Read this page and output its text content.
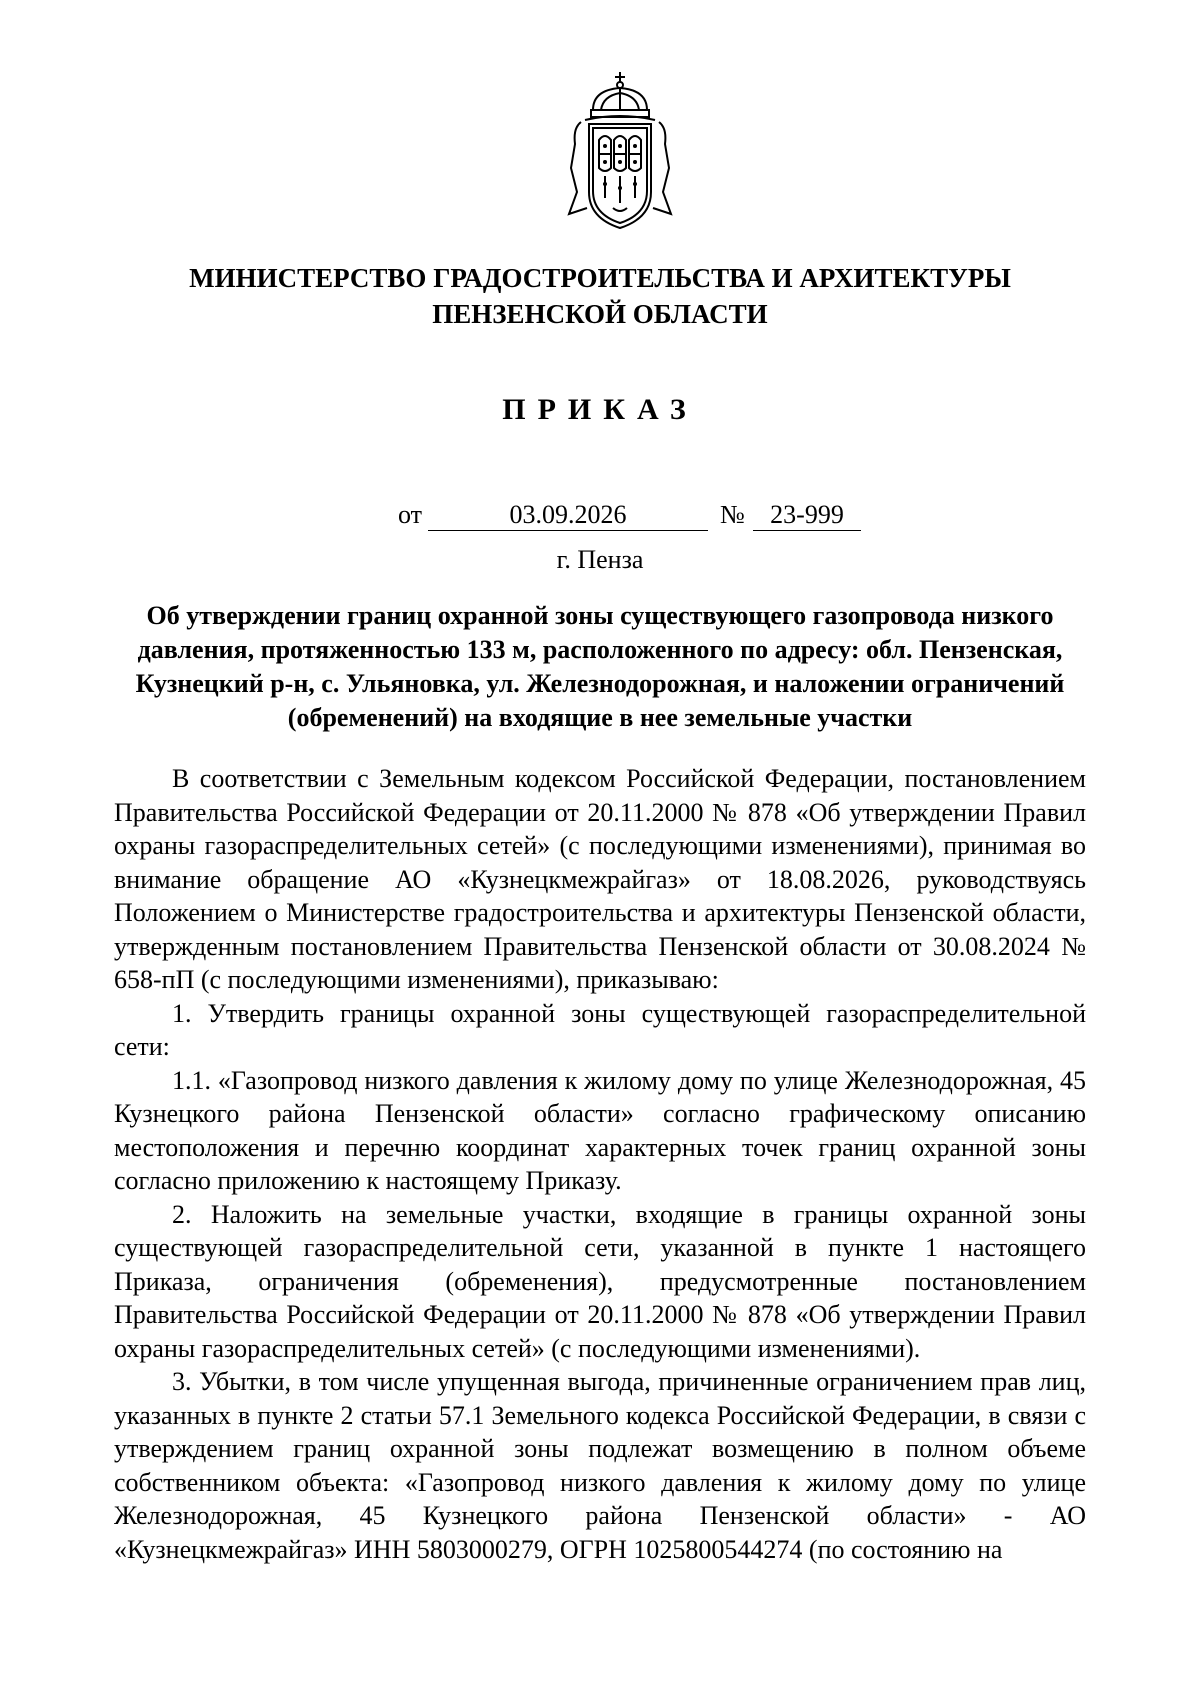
МИНИСТЕРСТВО ГРАДОСТРОИТЕЛЬСТВА И АРХИТЕКТУРЫ
ПЕНЗЕНСКОЙ ОБЛАСТИ
ПРИКАЗ
от	03.09.2026	№ 23-999
г. Пенза
Об утверждении границ охранной зоны существующего газопровода низкого давления, протяженностью 133 м, расположенного по адресу: обл. Пензенская, Кузнецкий р-н, с. Ульяновка, ул. Железнодорожная, и наложении ограничений (обременений) на входящие в нее земельные участки

В соответствии с Земельным кодексом Российской Федерации, постановлением Правительства Российской Федерации от 20.11.2000 № 878 «Об утверждении Правил охраны газораспределительных сетей» (с последующими изменениями), принимая во внимание обращение АО «Кузнецкмежрайгаз» от 18.08.2026, руководствуясь Положением о Министерстве градостроительства и архитектуры Пензенской области, утвержденным постановлением Правительства Пензенской области от 30.08.2024 № 658-пП (с последующими изменениями), приказываю:

1. Утвердить границы охранной зоны существующей газораспределительной сети:

1.1. «Газопровод низкого давления к жилому дому по улице Железнодорожная, 45 Кузнецкого района Пензенской области» согласно графическому описанию местоположения и перечню координат характерных точек границ охранной зоны согласно приложению к настоящему Приказу.

2. Наложить на земельные участки, входящие в границы охранной зоны существующей газораспределительной сети, указанной в пункте 1 настоящего Приказа, ограничения (обременения), предусмотренные постановлением Правительства Российской Федерации от 20.11.2000 № 878 «Об утверждении Правил охраны газораспределительных сетей» (с последующими изменениями).

3. Убытки, в том числе упущенная выгода, причиненные ограничением прав лиц, указанных в пункте 2 статьи 57.1 Земельного кодекса Российской Федерации, в связи с утверждением границ охранной зоны подлежат возмещению в полном объеме собственником объекта: «Газопровод низкого давления к жилому дому по улице Железнодорожная, 45 Кузнецкого района Пензенской области» - АО «Кузнецкмежрайгаз» ИНН 5803000279, ОГРН 1025800544274 (по состоянию на
